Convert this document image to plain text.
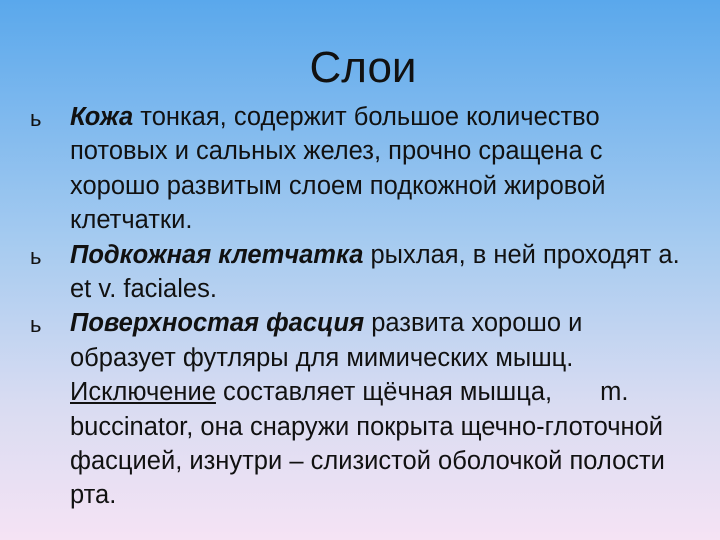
Слои
ь Кожа тонкая, содержит большое количество потовых и сальных желез, прочно сращена с хорошо развитым слоем подкожной жировой клетчатки.
ь Подкожная клетчатка рыхлая, в ней проходят a. et v. faciales.
ь Поверхностая фасция развита хорошо и образует футляры для мимических мышц. Исключение составляет щёчная мышца, m. buccinator, она снаружи покрыта щечно-глоточной фасцией, изнутри – слизистой оболочкой полости рта.
